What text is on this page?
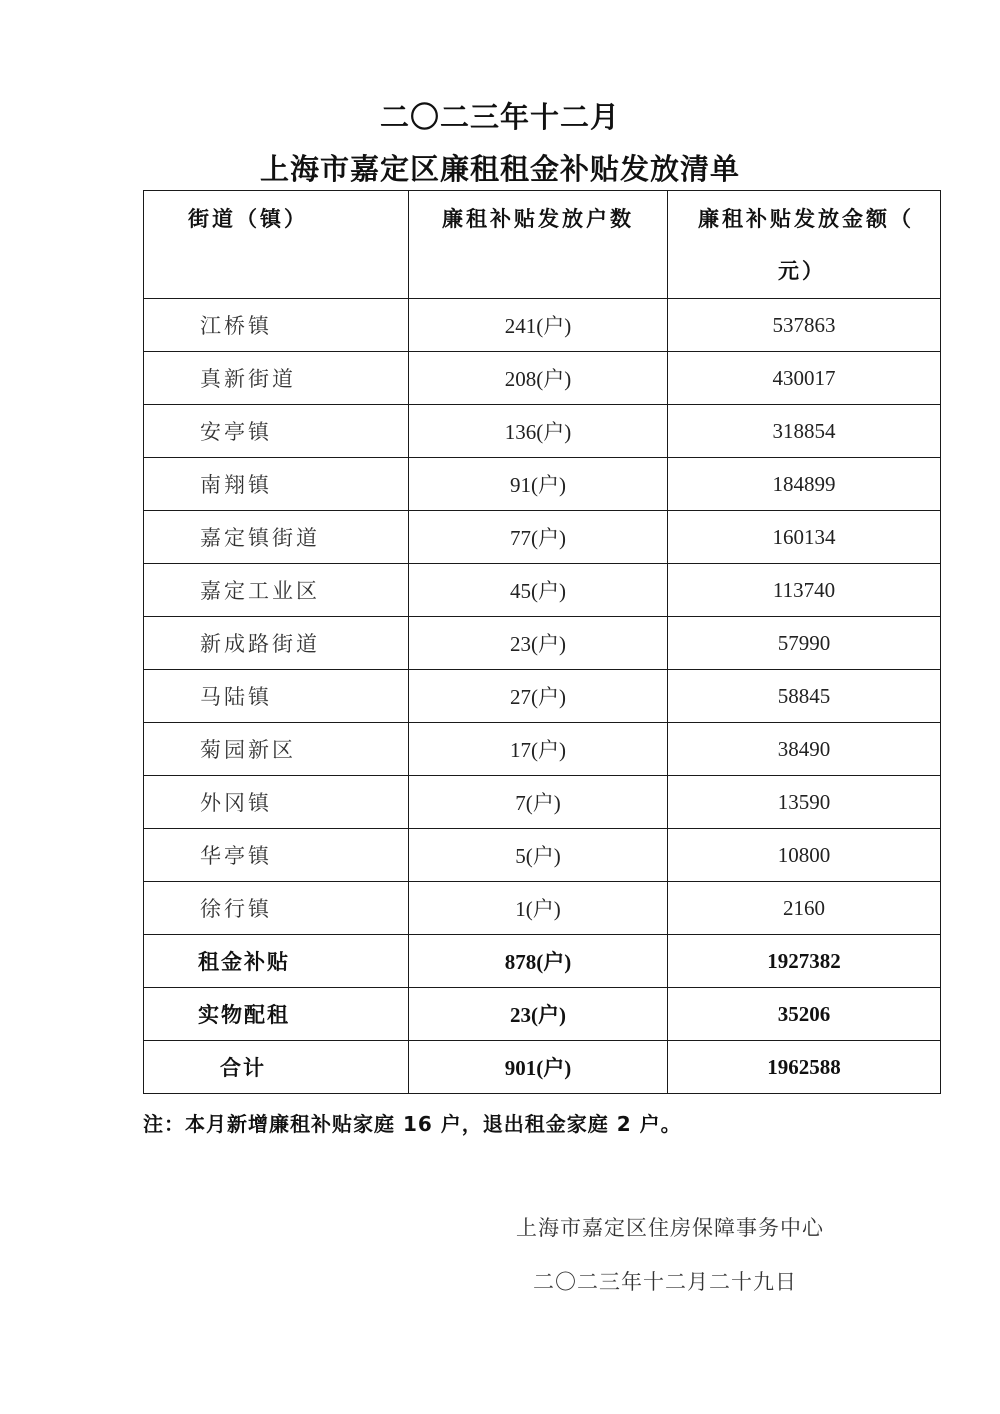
二〇二三年十二月
上海市嘉定区廉租租金补贴发放清单
街道（镇）	廉租补贴发放户数	廉租补贴发放金额（
元）
江桥镇	241(户)	537863
真新街道	208(户)	430017
安亭镇	136(户)	318854
南翔镇	91(户)	184899
嘉定镇街道	77(户)	160134
嘉定工业区	45(户)	113740
新成路街道	23(户)	57990
马陆镇	27(户)	58845
菊园新区	17(户)	38490
外冈镇	7(户)	13590
华亭镇	5(户)	10800
徐行镇	1(户)	2160
租金补贴	878(户)	1927382
实物配租	23(户)	35206
合计	901(户)	1962588

注：本月新增廉租补贴家庭 16 户，退出租金家庭 2 户。

上海市嘉定区住房保障事务中心

二〇二三年十二月二十九日
